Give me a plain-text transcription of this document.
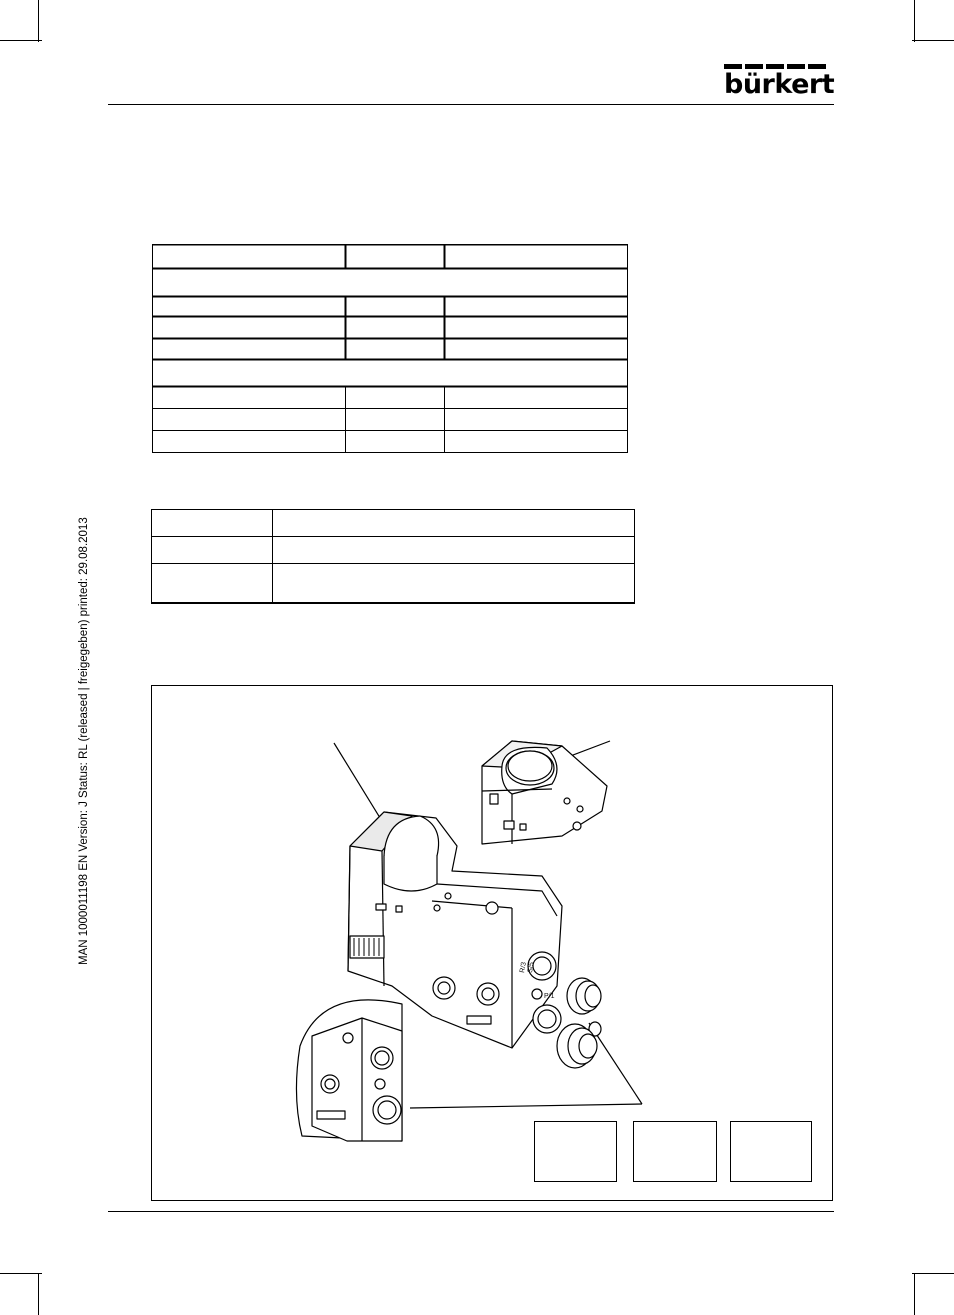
bürkert
MAN 1000011198 EN Version: J Status: RL (released | freigegeben) printed: 29.08.2013
R/3 S/5
P/1
